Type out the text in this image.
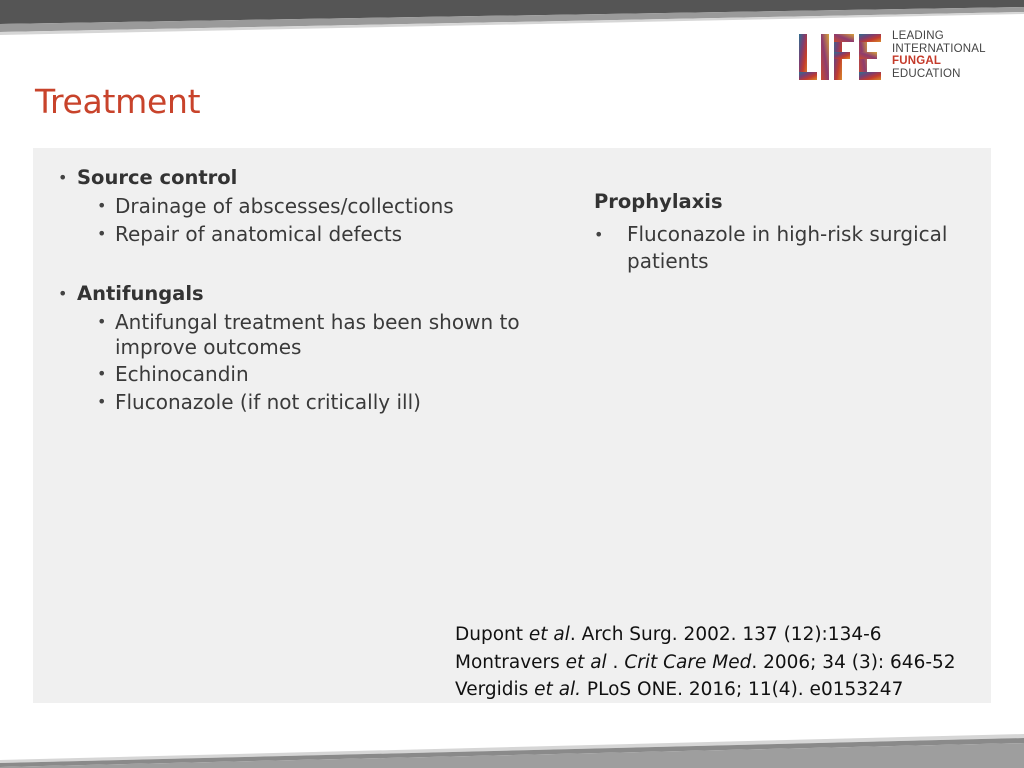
LEADING
INTERNATIONAL
FUNGAL
EDUCATION
Treatment

• Source control

• Drainage of abscesses/collections

• Repair of anatomical defects

• Antifungals

• Antifungal treatment has been shown to improve outcomes

• Echinocandin

• Fluconazole (if not critically ill)

Prophylaxis

• Fluconazole in high-risk surgical patients

Dupont et al. Arch Surg. 2002. 137 (12):134-6
Montravers et al . Crit Care Med. 2006; 34 (3): 646-52
Vergidis et al. PLoS ONE. 2016; 11(4). e0153247
